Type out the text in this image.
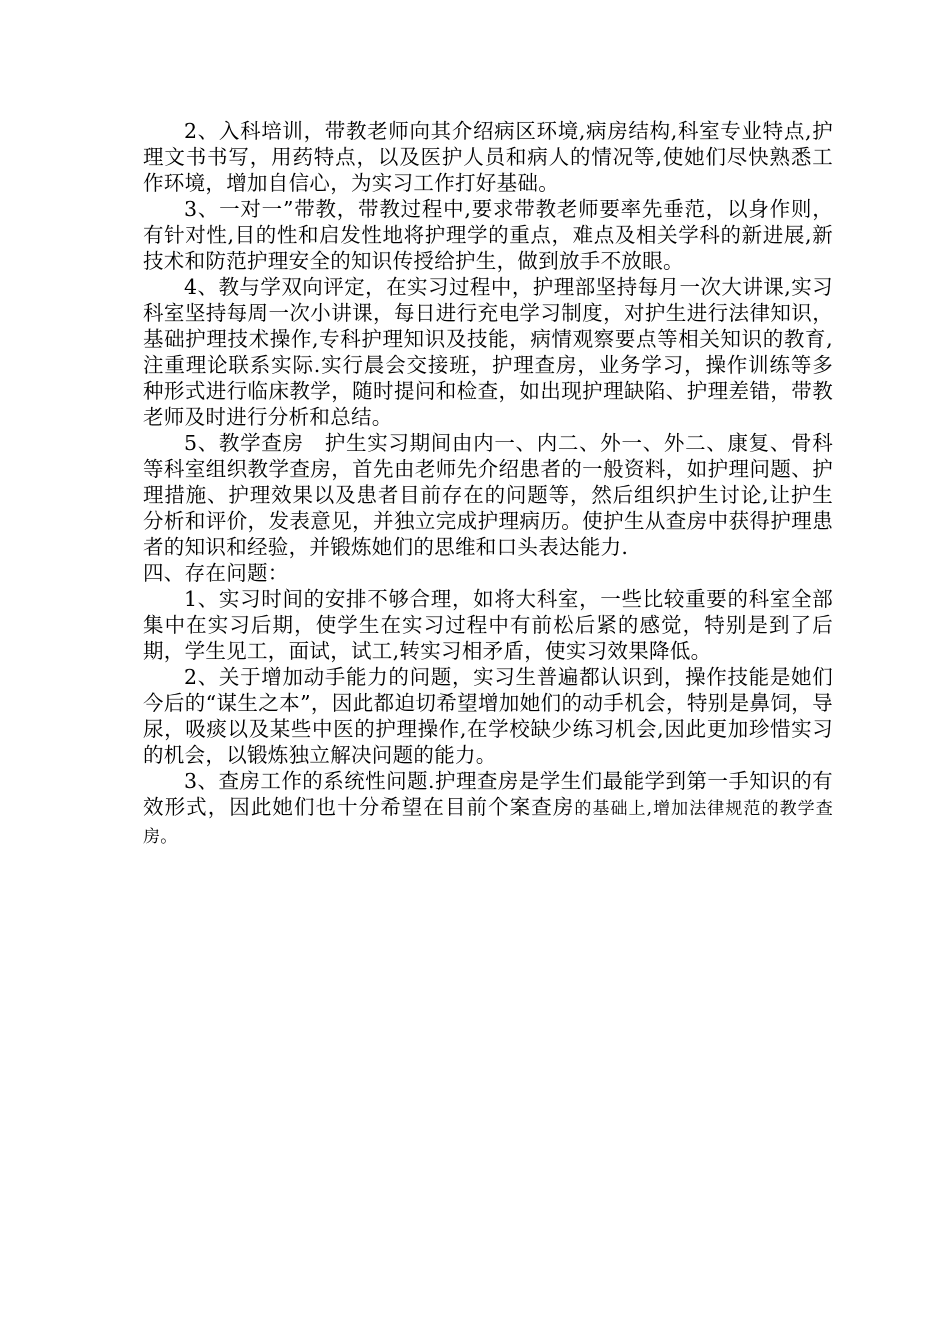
2、入科培训，带教老师向其介绍病区环境,病房结构,科室专业特点,护理文书书写，用药特点，以及医护人员和病人的情况等,使她们尽快熟悉工作环境，增加自信心，为实习工作打好基础。

3、一对一”带教，带教过程中,要求带教老师要率先垂范，以身作则，有针对性,目的性和启发性地将护理学的重点，难点及相关学科的新进展,新技术和防范护理安全的知识传授给护生，做到放手不放眼。

4、教与学双向评定，在实习过程中，护理部坚持每月一次大讲课,实习科室坚持每周一次小讲课，每日进行充电学习制度，对护生进行法律知识，基础护理技术操作,专科护理知识及技能，病情观察要点等相关知识的教育,注重理论联系实际.实行晨会交接班，护理查房，业务学习，操作训练等多种形式进行临床教学，随时提问和检查，如出现护理缺陷、护理差错，带教老师及时进行分析和总结。

5、教学查房　护生实习期间由内一、内二、外一、外二、康复、骨科等科室组织教学查房，首先由老师先介绍患者的一般资料，如护理问题、护理措施、护理效果以及患者目前存在的问题等，然后组织护生讨论,让护生分析和评价，发表意见，并独立完成护理病历。使护生从查房中获得护理患者的知识和经验，并锻炼她们的思维和口头表达能力.

四、存在问题：

1、实习时间的安排不够合理，如将大科室，一些比较重要的科室全部集中在实习后期，使学生在实习过程中有前松后紧的感觉，特别是到了后期，学生见工，面试，试工,转实习相矛盾，使实习效果降低。

2、关于增加动手能力的问题，实习生普遍都认识到，操作技能是她们今后的“谋生之本”，因此都迫切希望增加她们的动手机会，特别是鼻饲，导尿，吸痰以及某些中医的护理操作,在学校缺少练习机会,因此更加珍惜实习的机会，以锻炼独立解决问题的能力。

3、查房工作的系统性问题.护理查房是学生们最能学到第一手知识的有效形式，因此她们也十分希望在目前个案查房的基础上,增加法律规范的教学查房。
